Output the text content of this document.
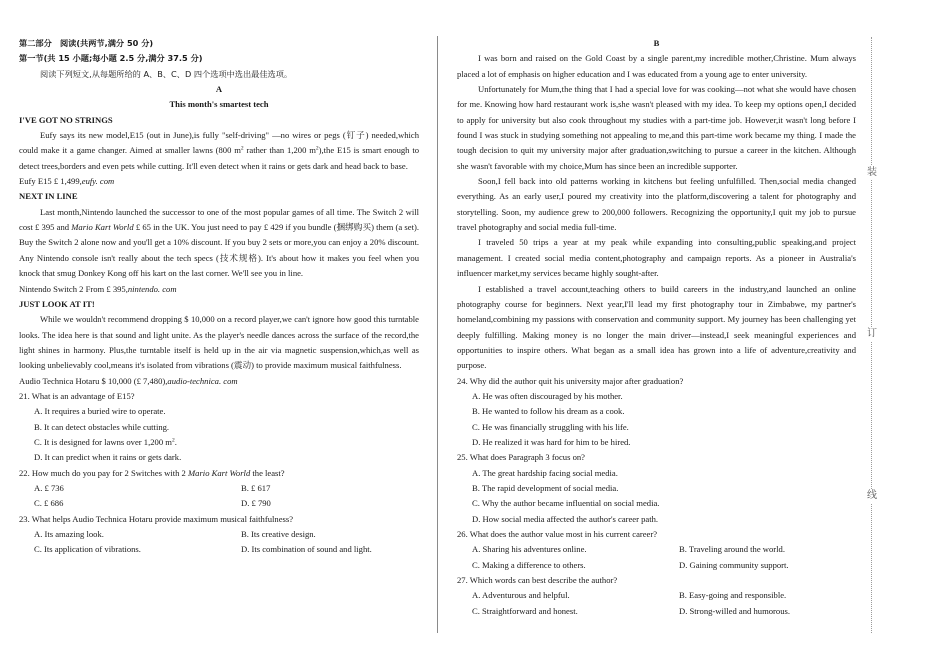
第二部分　阅读(共两节,满分 50 分)
第一节(共 15 小题;每小题 2.5 分,满分 37.5 分)
阅读下列短文,从每题所给的 A、B、C、D 四个选项中选出最佳选项。
A
This month's smartest tech
I'VE GOT NO STRINGS
Eufy says its new model,E15 (out in June),is fully "self-driving" —no wires or pegs (钉子) needed,which could make it a game changer. Aimed at smaller lawns (800 $m^2$ rather than 1,200 $m^2),the$ E15 is smart enough to detect trees,borders and even pets while cutting. It'll even detect when it rains or gets dark and head back to base.
Eufy E15 £ 1,499,eufy. com
NEXT IN LINE
Last month,Nintendo launched the successor to one of the most popular games of all time. The Switch 2 will cost £ 395 and Mario Kart World £ 65 in the UK. You just need to pay £ 429 if you bundle (捆绑购买) them (a set). Buy the Switch 2 alone now and you'll get a 10% discount. If you buy 2 sets or more,you can enjoy a 20% discount. Any Nintendo console isn't really about the tech specs (技术规格). It's about how it makes you feel when you knock that smug Donkey Kong off his kart on the last corner. We'll see you in line.
Nintendo Switch 2 From £ 395,nintendo. com
JUST LOOK AT IT!
While we wouldn't recommend dropping $ 10,000 on a record player,we can't ignore how good this turntable looks. The idea here is that sound and light unite. As the player's needle dances across the surface of the record,the light shines in harmony. Plus,the turntable itself is held up in the air via magnetic suspension,which,as well as looking unbelievably cool,means it's isolated from vibrations (震动) to provide maximum musical faithfulness.
Audio Technica Hotaru $ 10,000 (£ 7,480),audio-technica. com
21. What is an advantage of E15?
A. It requires a buried wire to operate.
B. It can detect obstacles while cutting.
C. It is designed for lawns over 1,200 $m^2$.
D. It can predict when it rains or gets dark.
22. How much do you pay for 2 Switches with 2 Mario Kart World the least?
A. £ 736	B. £ 617
C. £ 686	D. £ 790
23. What helps Audio Technica Hotaru provide maximum musical faithfulness?
A. Its amazing look.	B. Its creative design.
C. Its application of vibrations.	D. Its combination of sound and light.
B
I was born and raised on the Gold Coast by a single parent,my incredible mother,Christine. Mum always placed a lot of emphasis on higher education and I was educated from a young age to enter university.
Unfortunately for Mum,the thing that I had a special love for was cooking—not what she would have chosen for me. Knowing how hard restaurant work is,she wasn't pleased with my idea. To keep my options open,I decided to apply for university but also cook throughout my studies with a part-time job. However,it wasn't long before I found I was stuck in studying something not appealing to me,and this part-time work became my thing. I made the tough decision to quit my university major after graduation,switching to pursue a career in the kitchen. Although she wasn't favorable with my choice,Mum has since been an incredible supporter.
Soon,I fell back into old patterns working in kitchens but feeling unfulfilled. Then,social media changed everything. As an early user,I poured my creativity into the platform,discovering a talent for photography and storytelling. Soon, my audience grew to 200,000 followers. Recognizing the opportunity,I quit my job to pursue travel photography and social media full-time.
I traveled 50 trips a year at my peak while expanding into consulting,public speaking,and project management. I created social media content,photography and campaign reports. As a pioneer in Australia's influencer market,my services became highly sought-after.
I established a travel account,teaching others to build careers in the industry,and launched an online photography course for beginners. Next year,I'll lead my first photography tour in Zimbabwe, my partner's homeland,combining my passions with conservation and community support. My journey has been challenging yet deeply fulfilling. Making money is no longer the main driver—instead,I seek meaningful experiences and opportunities to inspire others. What began as a small idea has grown into a life of adventure,creativity and purpose.
24. Why did the author quit his university major after graduation?
A. He was often discouraged by his mother.
B. He wanted to follow his dream as a cook.
C. He was financially struggling with his life.
D. He realized it was hard for him to be hired.
25. What does Paragraph 3 focus on?
A. The great hardship facing social media.
B. The rapid development of social media.
C. Why the author became influential on social media.
D. How social media affected the author's career path.
26. What does the author value most in his current career?
A. Sharing his adventures online.	B. Traveling around the world.
C. Making a difference to others.	D. Gaining community support.
27. Which words can best describe the author?
A. Adventurous and helpful.	B. Easy-going and responsible.
C. Straightforward and honest.	D. Strong-willed and humorous.
装
订
线
